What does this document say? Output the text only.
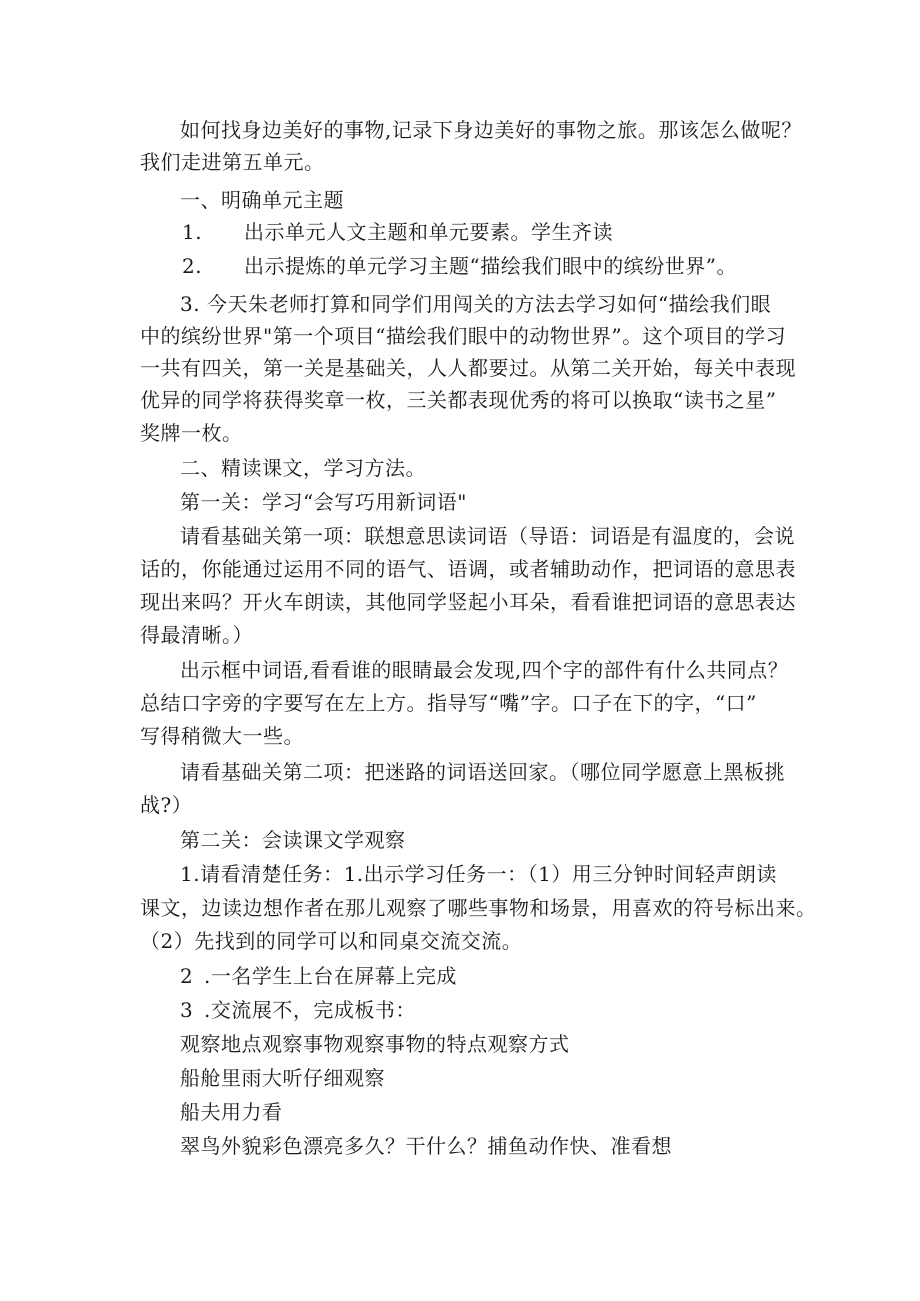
如何找身边美好的事物,记录下身边美好的事物之旅。那该怎么做呢？
我们走进第五单元。
一、明确单元主题
1. 出示单元人文主题和单元要素。学生齐读
2. 出示提炼的单元学习主题“描绘我们眼中的缤纷世界”。
3. 今天朱老师打算和同学们用闯关的方法去学习如何“描绘我们眼
中的缤纷世界"第一个项目“描绘我们眼中的动物世界”。这个项目的学习
一共有四关，第一关是基础关，人人都要过。从第二关开始，每关中表现
优异的同学将获得奖章一枚，三关都表现优秀的将可以换取“读书之星”
奖牌一枚。
二、精读课文，学习方法。
第一关：学习“会写巧用新词语"
请看基础关第一项：联想意思读词语（导语：词语是有温度的，会说
话的，你能通过运用不同的语气、语调，或者辅助动作，把词语的意思表
现出来吗？开火车朗读，其他同学竖起小耳朵，看看谁把词语的意思表达
得最清晰。）
出示框中词语,看看谁的眼睛最会发现,四个字的部件有什么共同点？
总结口字旁的字要写在左上方。指导写“嘴”字。口子在下的字，“口”
写得稍微大一些。
请看基础关第二项：把迷路的词语送回家。（哪位同学愿意上黑板挑
战?）
第二关：会读课文学观察
1.请看清楚任务：1.出示学习任务一：（1）用三分钟时间轻声朗读
课文，边读边想作者在那儿观察了哪些事物和场景，用喜欢的符号标出来。
（2）先找到的同学可以和同桌交流交流。
2 .一名学生上台在屏幕上完成
3 .交流展不，完成板书：
观察地点观察事物观察事物的特点观察方式
船舱里雨大听仔细观察
船夫用力看
翠鸟外貌彩色漂亮多久？干什么？捕鱼动作快、准看想
